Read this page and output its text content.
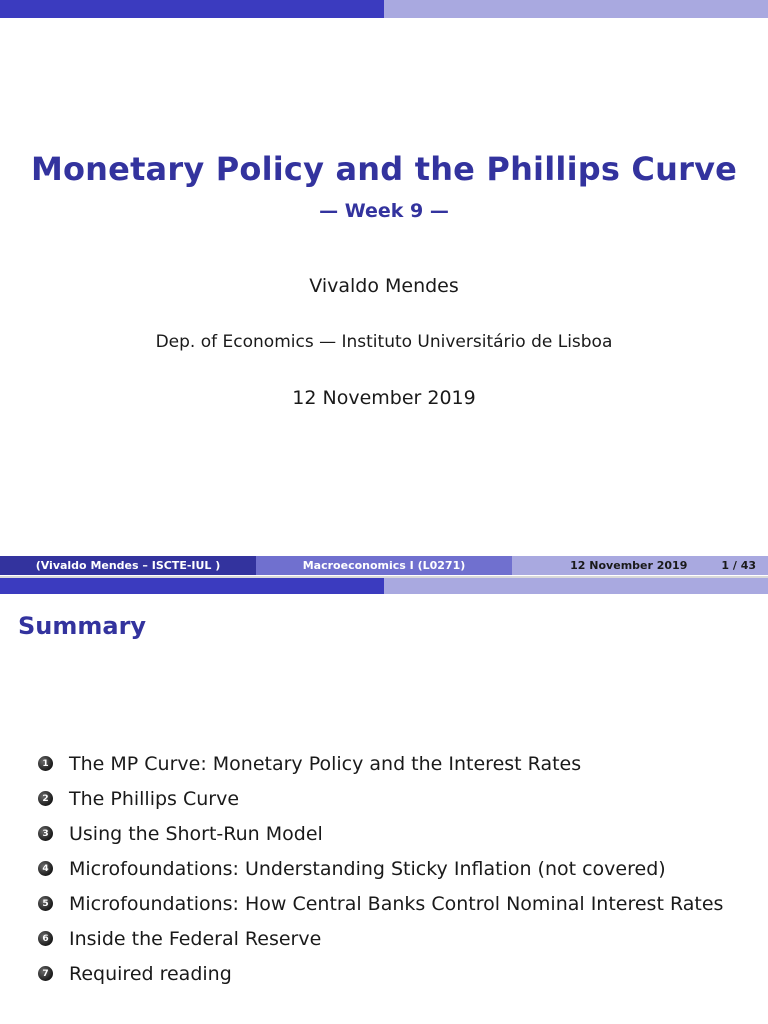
Monetary Policy and the Phillips Curve
— Week 9 —
Vivaldo Mendes
Dep. of Economics — Instituto Universitário de Lisboa
12 November 2019
(Vivaldo Mendes – ISCTE-IUL )	Macroeconomics I (L0271)	12 November 2019	1 / 43
Summary
1 The MP Curve: Monetary Policy and the Interest Rates
2 The Phillips Curve
3 Using the Short-Run Model
4 Microfoundations: Understanding Sticky Inflation (not covered)
5 Microfoundations: How Central Banks Control Nominal Interest Rates
6 Inside the Federal Reserve
7 Required reading
